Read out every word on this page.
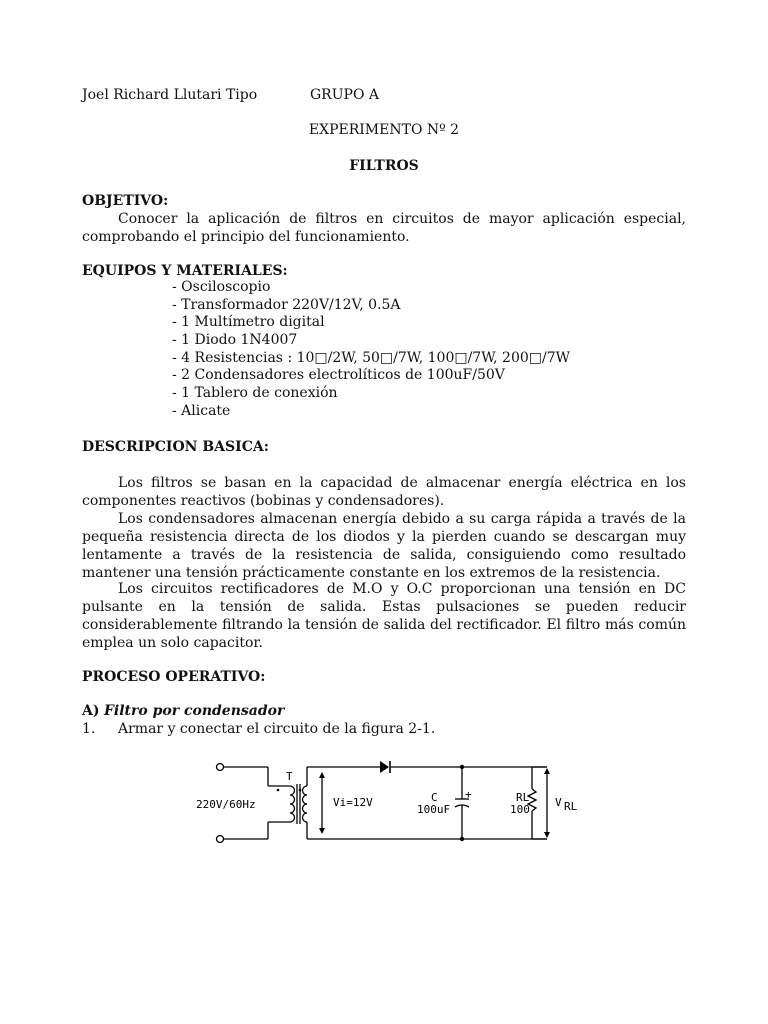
Joel Richard Llutari Tipo	GRUPO A
EXPERIMENTO Nº 2
FILTROS
OBJETIVO:
Conocer la aplicación de filtros en circuitos de mayor aplicación especial, comprobando el principio del funcionamiento.
EQUIPOS Y MATERIALES:
- Osciloscopio
- Transformador 220V/12V, 0.5A
- 1 Multímetro digital
- 1 Diodo 1N4007
- 4 Resistencias : 10□/2W, 50□/7W, 100□/7W, 200□/7W
- 2 Condensadores electrolíticos de 100uF/50V
- 1 Tablero de conexión
- Alicate
DESCRIPCION BASICA:
Los filtros se basan en la capacidad de almacenar energía eléctrica en los componentes reactivos (bobinas y condensadores).
Los condensadores almacenan energía debido a su carga rápida a través de la pequeña resistencia directa de los diodos y la pierden cuando se descargan muy lentamente a través de la resistencia de salida, consiguiendo como resultado mantener una tensión prácticamente constante en los extremos de la resistencia.
Los circuitos rectificadores de M.O y O.C proporcionan una tensión en DC pulsante en la tensión de salida. Estas pulsaciones se pueden reducir considerablemente filtrando la tensión de salida del rectificador. El filtro más común emplea un solo capacitor.
PROCESO OPERATIVO:
A) Filtro por condensador
1. Armar y conectar el circuito de la figura 2-1.
+
220V/60Hz
T
Vi=12V	C
100uF
RL
100
V RL
